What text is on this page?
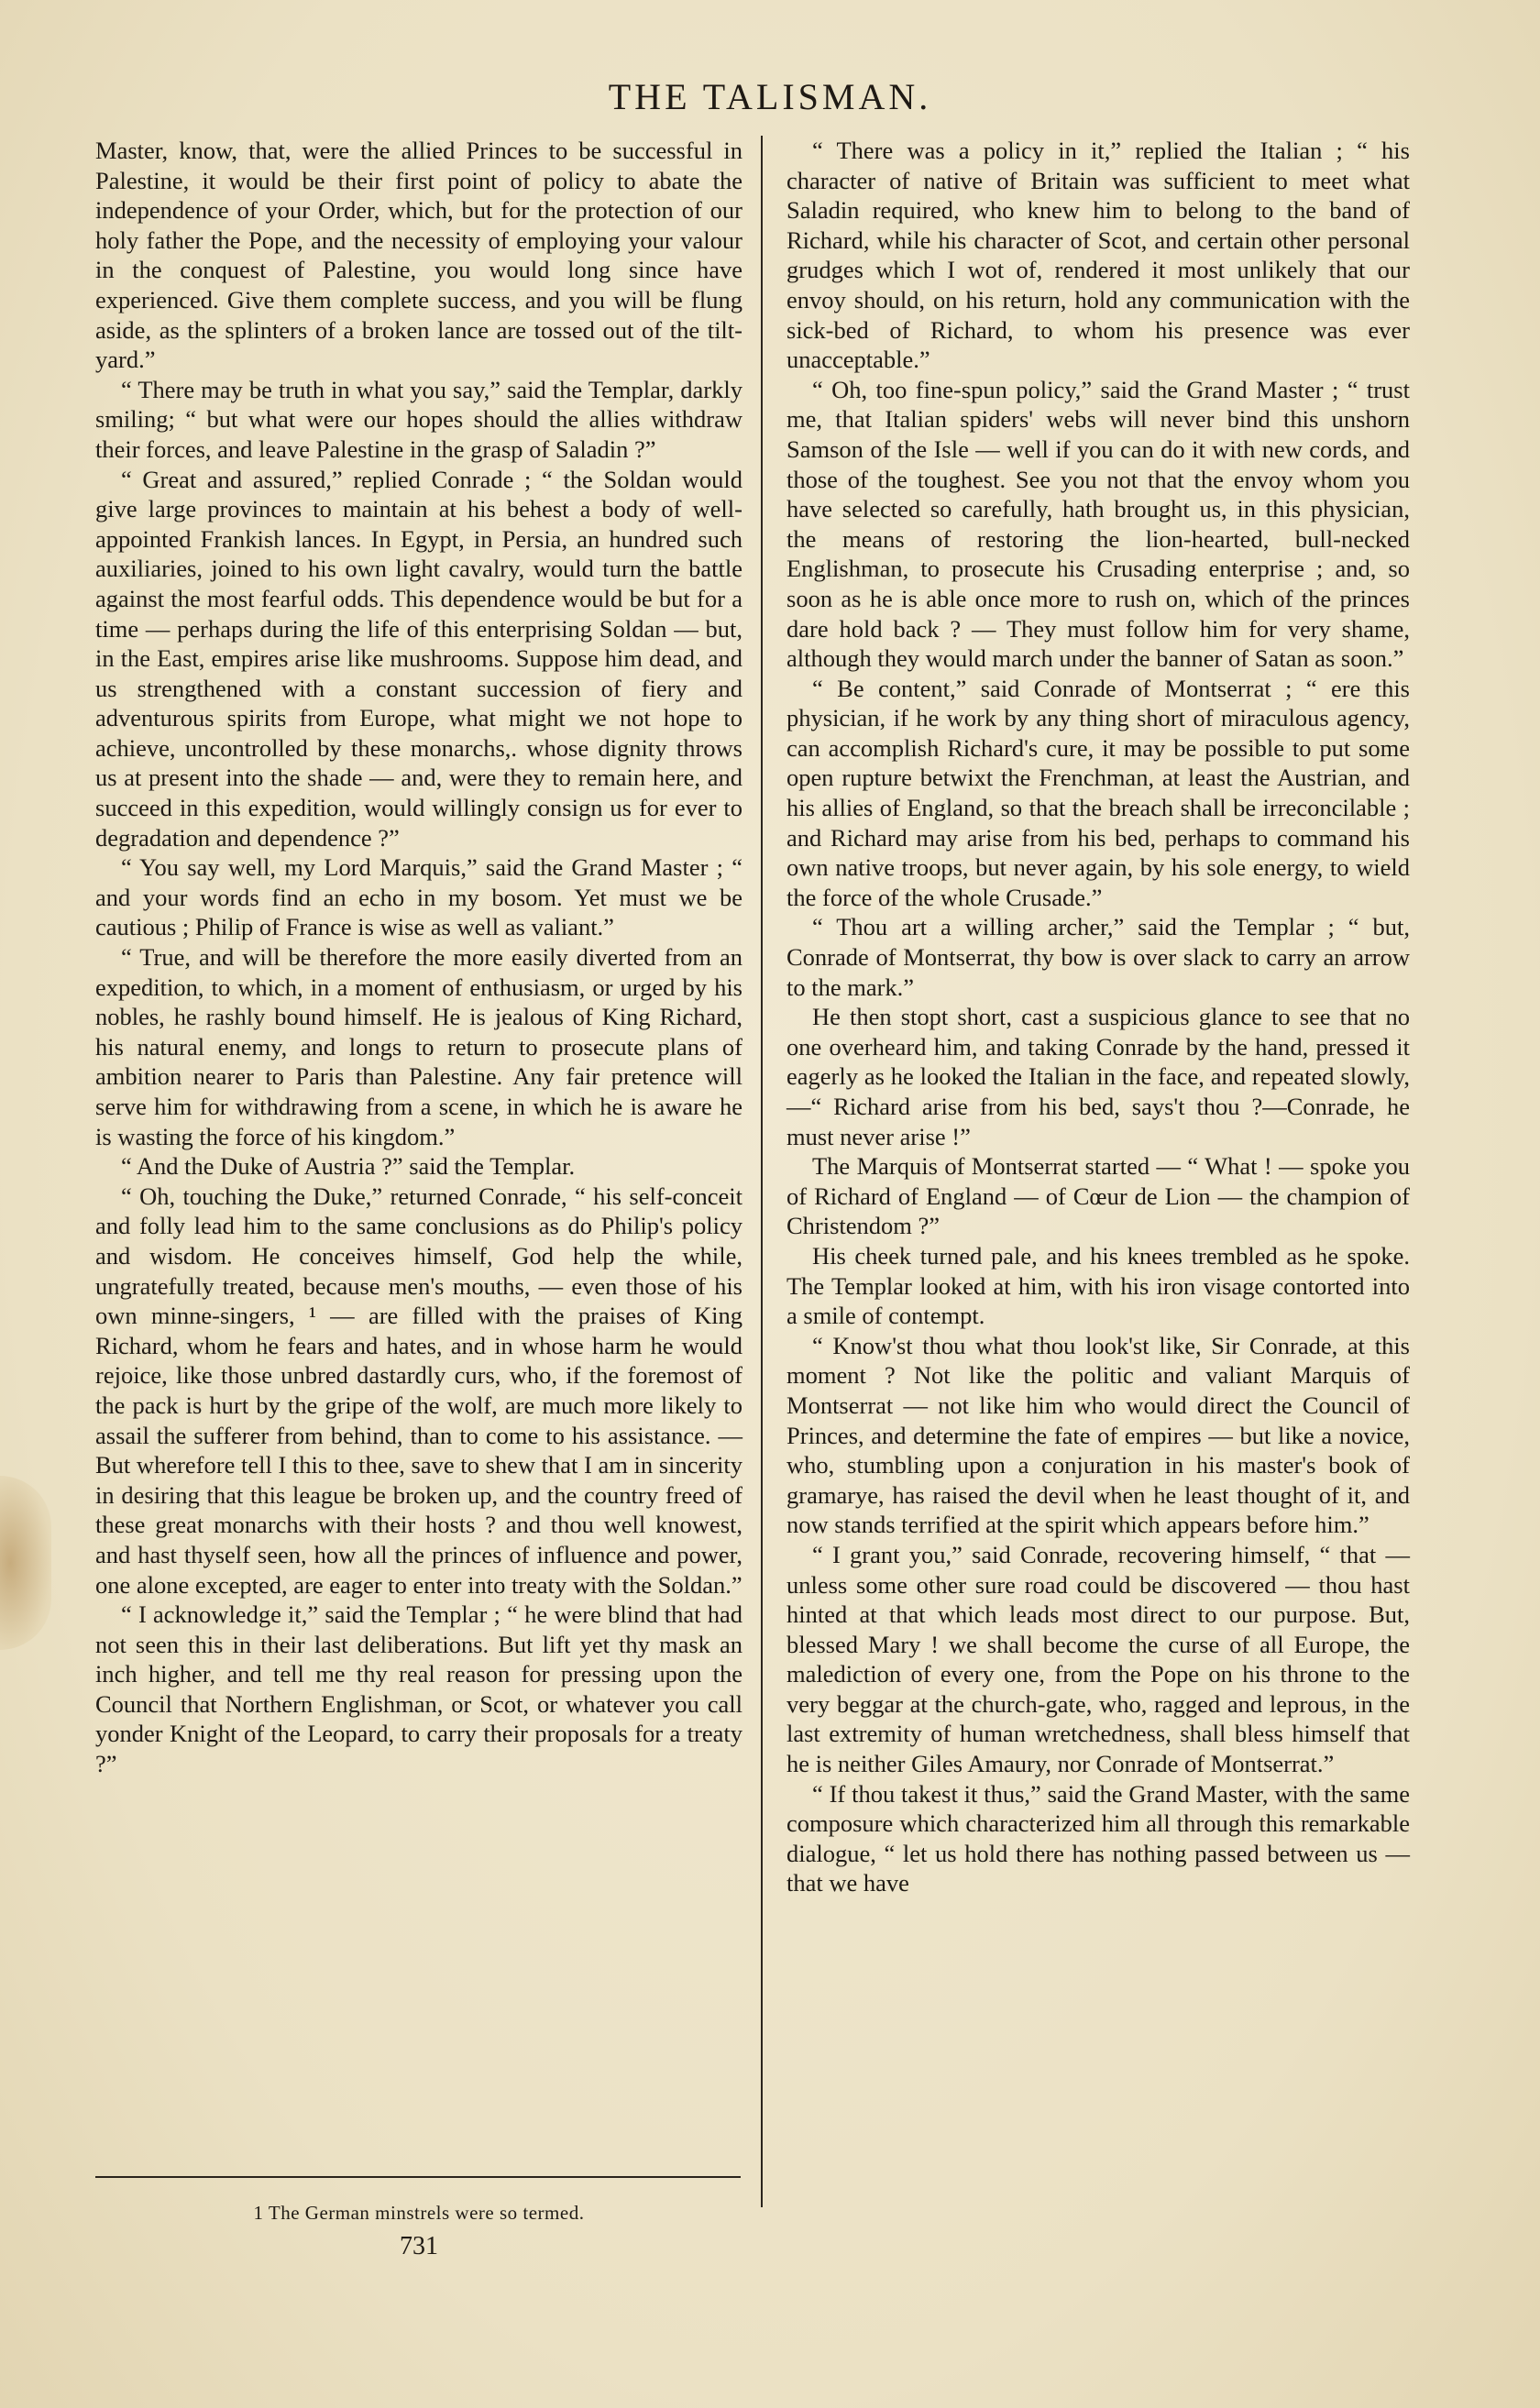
THE TALISMAN.

Master, know, that, were the allied Princes to be successful in Palestine, it would be their first point of policy to abate the independence of your Order, which, but for the protection of our holy father the Pope, and the necessity of employing your valour in the conquest of Palestine, you would long since have experienced. Give them complete success, and you will be flung aside, as the splinters of a broken lance are tossed out of the tilt-yard.”

“ There may be truth in what you say,” said the Templar, darkly smiling; “ but what were our hopes should the allies withdraw their forces, and leave Palestine in the grasp of Saladin ?”

“ Great and assured,” replied Conrade ; “ the Soldan would give large provinces to maintain at his behest a body of well-appointed Frankish lances. In Egypt, in Persia, an hundred such auxiliaries, joined to his own light cavalry, would turn the battle against the most fearful odds. This dependence would be but for a time — perhaps during the life of this enterprising Soldan — but, in the East, empires arise like mushrooms. Suppose him dead, and us strengthened with a constant succession of fiery and adventurous spirits from Europe, what might we not hope to achieve, uncontrolled by these monarchs,. whose dignity throws us at present into the shade — and, were they to remain here, and succeed in this expedition, would willingly consign us for ever to degradation and dependence ?”

“ You say well, my Lord Marquis,” said the Grand Master ; “ and your words find an echo in my bosom. Yet must we be cautious ; Philip of France is wise as well as valiant.”

“ True, and will be therefore the more easily diverted from an expedition, to which, in a moment of enthusiasm, or urged by his nobles, he rashly bound himself. He is jealous of King Richard, his natural enemy, and longs to return to prosecute plans of ambition nearer to Paris than Palestine. Any fair pretence will serve him for withdrawing from a scene, in which he is aware he is wasting the force of his kingdom.”

“ And the Duke of Austria ?” said the Templar.

“ Oh, touching the Duke,” returned Conrade, “ his self-conceit and folly lead him to the same conclusions as do Philip's policy and wisdom. He conceives himself, God help the while, ungratefully treated, because men's mouths, — even those of his own minne-singers, ¹ — are filled with the praises of King Richard, whom he fears and hates, and in whose harm he would rejoice, like those unbred dastardly curs, who, if the foremost of the pack is hurt by the gripe of the wolf, are much more likely to assail the sufferer from behind, than to come to his assistance. — But wherefore tell I this to thee, save to shew that I am in sincerity in desiring that this league be broken up, and the country freed of these great monarchs with their hosts ? and thou well knowest, and hast thyself seen, how all the princes of influence and power, one alone excepted, are eager to enter into treaty with the Soldan.”

“ I acknowledge it,” said the Templar ; “ he were blind that had not seen this in their last deliberations. But lift yet thy mask an inch higher, and tell me thy real reason for pressing upon the Council that Northern Englishman, or Scot, or whatever you call yonder Knight of the Leopard, to carry their proposals for a treaty ?”

“ There was a policy in it,” replied the Italian ; “ his character of native of Britain was sufficient to meet what Saladin required, who knew him to belong to the band of Richard, while his character of Scot, and certain other personal grudges which I wot of, rendered it most unlikely that our envoy should, on his return, hold any communication with the sick-bed of Richard, to whom his presence was ever unacceptable.”

“ Oh, too fine-spun policy,” said the Grand Master ; “ trust me, that Italian spiders' webs will never bind this unshorn Samson of the Isle — well if you can do it with new cords, and those of the toughest. See you not that the envoy whom you have selected so carefully, hath brought us, in this physician, the means of restoring the lion-hearted, bull-necked Englishman, to prosecute his Crusading enterprise ; and, so soon as he is able once more to rush on, which of the princes dare hold back ? — They must follow him for very shame, although they would march under the banner of Satan as soon.”

“ Be content,” said Conrade of Montserrat ; “ ere this physician, if he work by any thing short of miraculous agency, can accomplish Richard's cure, it may be possible to put some open rupture betwixt the Frenchman, at least the Austrian, and his allies of England, so that the breach shall be irreconcilable ; and Richard may arise from his bed, perhaps to command his own native troops, but never again, by his sole energy, to wield the force of the whole Crusade.”

“ Thou art a willing archer,” said the Templar ; “ but, Conrade of Montserrat, thy bow is over slack to carry an arrow to the mark.”

He then stopt short, cast a suspicious glance to see that no one overheard him, and taking Conrade by the hand, pressed it eagerly as he looked the Italian in the face, and repeated slowly,—“ Richard arise from his bed, says't thou ?—Conrade, he must never arise !”

The Marquis of Montserrat started — “ What ! — spoke you of Richard of England — of Cœur de Lion — the champion of Christendom ?”

His cheek turned pale, and his knees trembled as he spoke. The Templar looked at him, with his iron visage contorted into a smile of contempt.

“ Know'st thou what thou look'st like, Sir Conrade, at this moment ? Not like the politic and valiant Marquis of Montserrat — not like him who would direct the Council of Princes, and determine the fate of empires — but like a novice, who, stumbling upon a conjuration in his master's book of gramarye, has raised the devil when he least thought of it, and now stands terrified at the spirit which appears before him.”

“ I grant you,” said Conrade, recovering himself, “ that — unless some other sure road could be discovered — thou hast hinted at that which leads most direct to our purpose. But, blessed Mary ! we shall become the curse of all Europe, the malediction of every one, from the Pope on his throne to the very beggar at the church-gate, who, ragged and leprous, in the last extremity of human wretchedness, shall bless himself that he is neither Giles Amaury, nor Conrade of Montserrat.”

“ If thou takest it thus,” said the Grand Master, with the same composure which characterized him all through this remarkable dialogue, “ let us hold there has nothing passed between us — that we have

1 The German minstrels were so termed.
731
